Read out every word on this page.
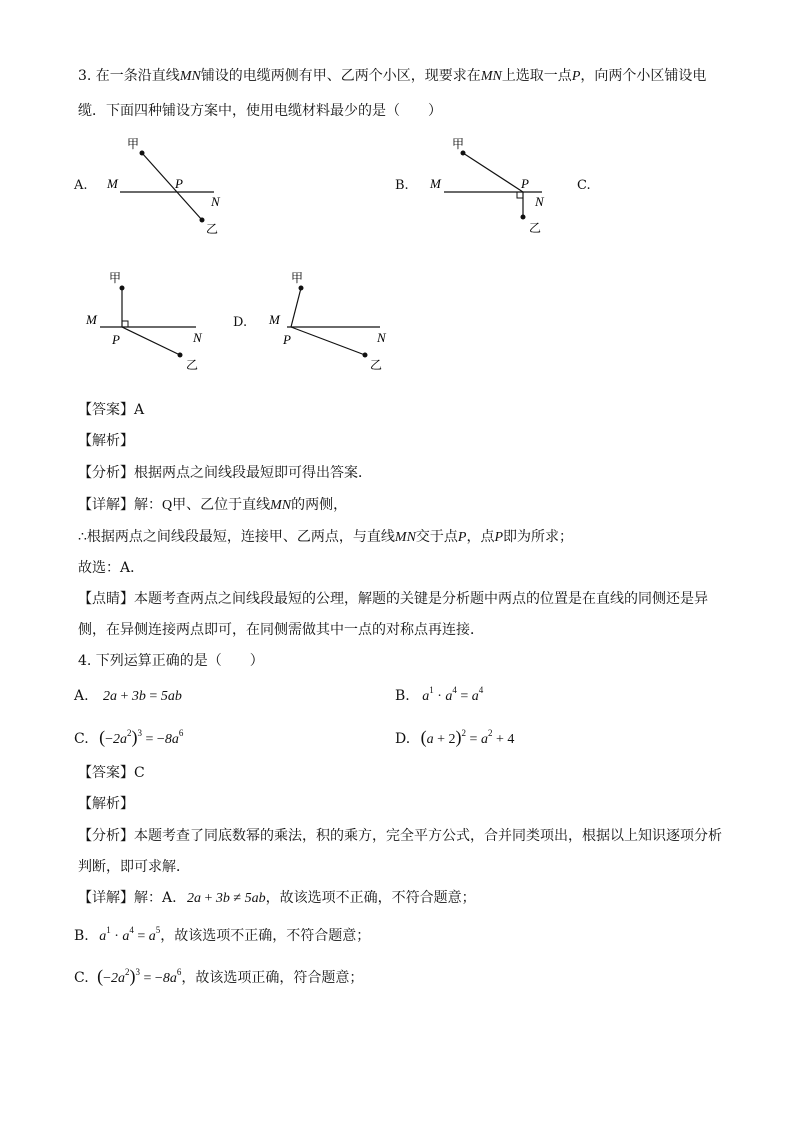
3. 在一条沿直线MN铺设的电缆两侧有甲、乙两个小区，现要求在MN上选取一点P，向两个小区铺设电
缆．下面四种铺设方案中，使用电缆材料最少的是（　　）
A.	B.	C.
D.
甲
M	P
N
乙
甲
M	P
N
乙
甲
M
P	N
乙
甲
M
P	N
乙
【答案】A
【解析】
【分析】根据两点之间线段最短即可得出答案．
【详解】解：Q甲、乙位于直线MN的两侧，
∴根据两点之间线段最短，连接甲、乙两点，与直线MN交于点P，点P即为所求；
故选：A．
【点睛】本题考查两点之间线段最短的公理，解题的关键是分析题中两点的位置是在直线的同侧还是异
侧，在异侧连接两点即可，在同侧需做其中一点的对称点再连接．
4. 下列运算正确的是（　　）
A. 2a + 3b = 5ab	B. $a^1 \cdot a^4 = a^4$
C. $(-2a^2)^3 = -8a^6$	D. $(a + 2)^2 = a^2 + 4$
【答案】C
【解析】
【分析】本题考查了同底数幂的乘法，积的乘方，完全平方公式，合并同类项出，根据以上知识逐项分析
判断，即可求解．
【详解】解：A. 2a + 3b ≠ 5ab，故该选项不正确，不符合题意；
B. $a^1 \cdot a^4 = a^5$，故该选项不正确，不符合题意；
C. $(-2a^2)^3 = -8a^6$，故该选项正确，符合题意；
